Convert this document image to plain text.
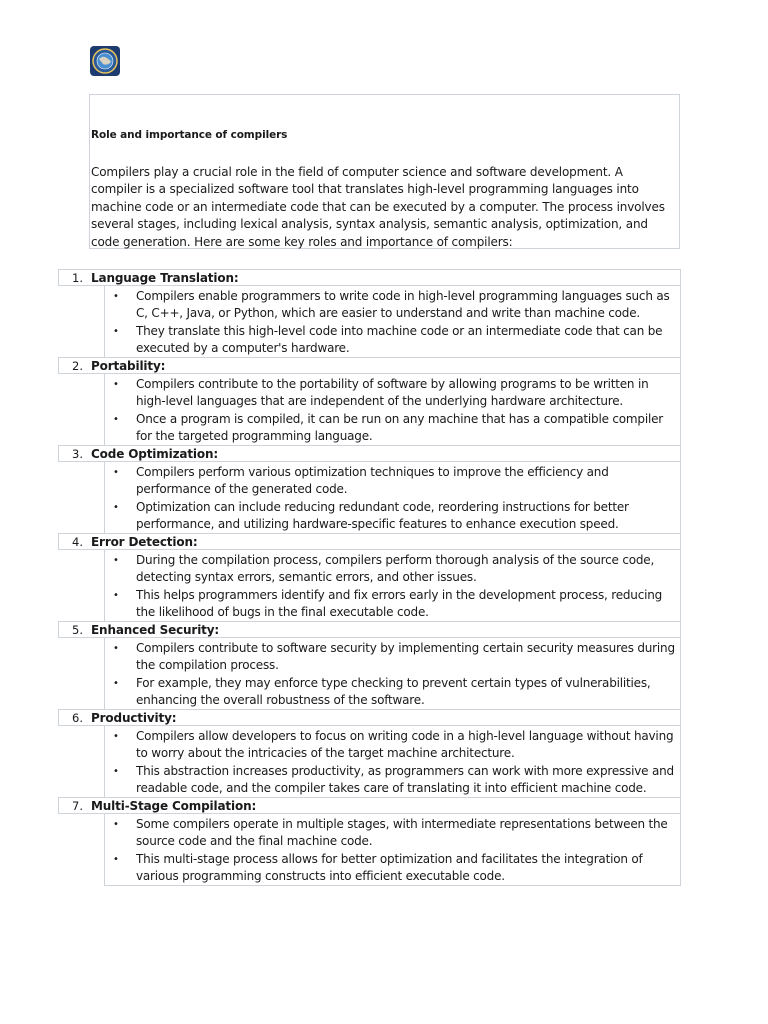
Role and importance of compilers

Compilers play a crucial role in the field of computer science and software development. A compiler is a specialized software tool that translates high-level programming languages into machine code or an intermediate code that can be executed by a computer. The process involves several stages, including lexical analysis, syntax analysis, semantic analysis, optimization, and code generation. Here are some key roles and importance of compilers:

1. Language Translation:
• Compilers enable programmers to write code in high-level programming languages such as C, C++, Java, or Python, which are easier to understand and write than machine code.
• They translate this high-level code into machine code or an intermediate code that can be executed by a computer's hardware.
2. Portability:
• Compilers contribute to the portability of software by allowing programs to be written in high-level languages that are independent of the underlying hardware architecture.
• Once a program is compiled, it can be run on any machine that has a compatible compiler for the targeted programming language.
3. Code Optimization:
• Compilers perform various optimization techniques to improve the efficiency and performance of the generated code.
• Optimization can include reducing redundant code, reordering instructions for better performance, and utilizing hardware-specific features to enhance execution speed.
4. Error Detection:
• During the compilation process, compilers perform thorough analysis of the source code, detecting syntax errors, semantic errors, and other issues.
• This helps programmers identify and fix errors early in the development process, reducing the likelihood of bugs in the final executable code.
5. Enhanced Security:
• Compilers contribute to software security by implementing certain security measures during the compilation process.
• For example, they may enforce type checking to prevent certain types of vulnerabilities, enhancing the overall robustness of the software.
6. Productivity:
• Compilers allow developers to focus on writing code in a high-level language without having to worry about the intricacies of the target machine architecture.
• This abstraction increases productivity, as programmers can work with more expressive and readable code, and the compiler takes care of translating it into efficient machine code.
7. Multi-Stage Compilation:
• Some compilers operate in multiple stages, with intermediate representations between the source code and the final machine code.
• This multi-stage process allows for better optimization and facilitates the integration of various programming constructs into efficient executable code.
